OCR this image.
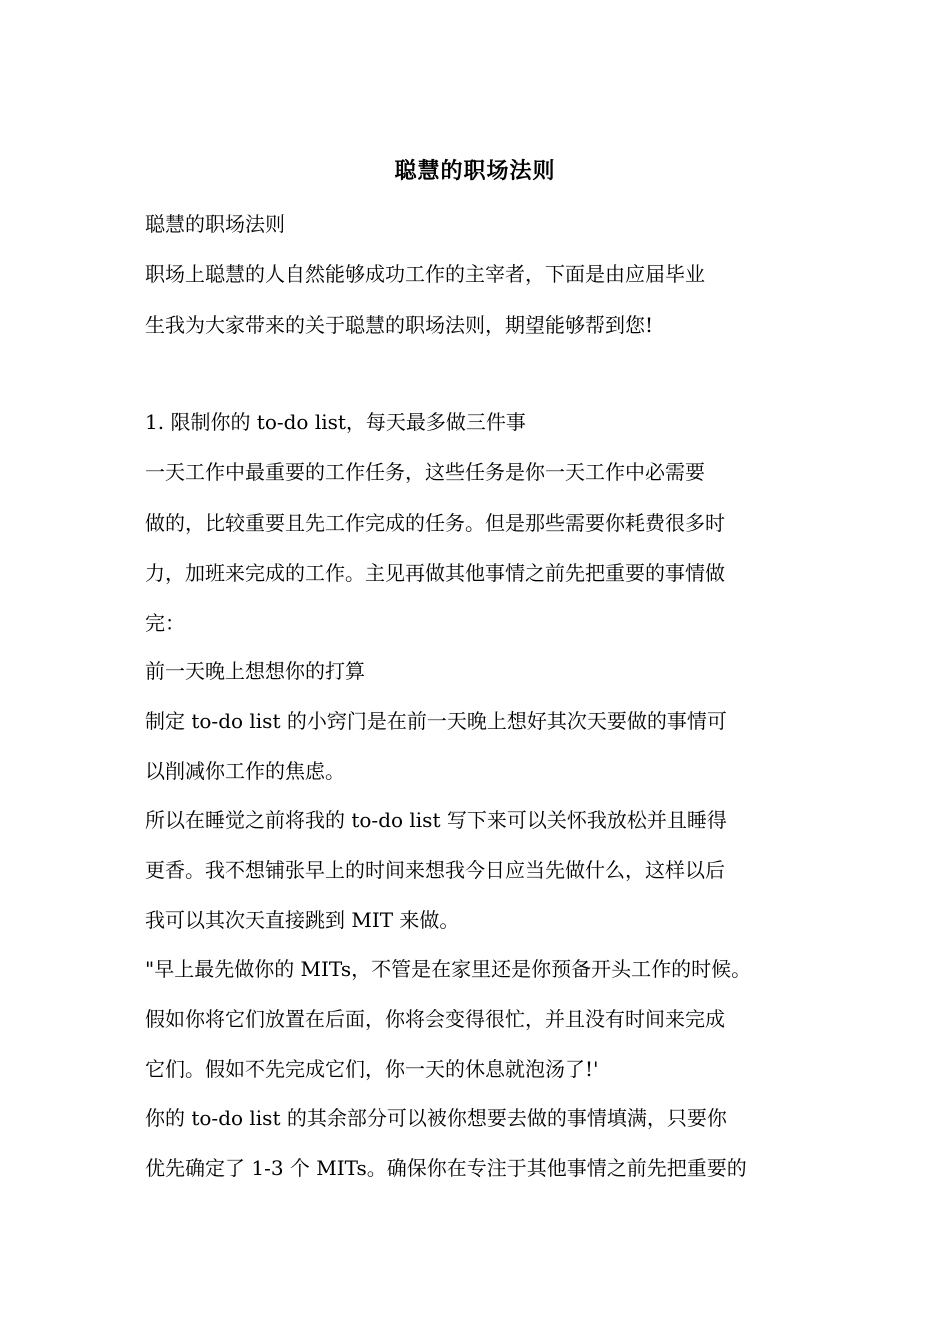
聪慧的职场法则
聪慧的职场法则
职场上聪慧的人自然能够成功工作的主宰者，下面是由应届毕业
生我为大家带来的关于聪慧的职场法则，期望能够帮到您!
1. 限制你的 to-do list，每天最多做三件事
一天工作中最重要的工作任务，这些任务是你一天工作中必需要
做的，比较重要且先工作完成的任务。但是那些需要你耗费很多时
力，加班来完成的工作。主见再做其他事情之前先把重要的事情做
完：
前一天晚上想想你的打算
制定 to-do list 的小窍门是在前一天晚上想好其次天要做的事情可
以削减你工作的焦虑。
所以在睡觉之前将我的 to-do list 写下来可以关怀我放松并且睡得
更香。我不想铺张早上的时间来想我今日应当先做什么，这样以后
我可以其次天直接跳到 MIT 来做。
"早上最先做你的 MITs，不管是在家里还是你预备开头工作的时候。
假如你将它们放置在后面，你将会变得很忙，并且没有时间来完成
它们。假如不先完成它们，你一天的休息就泡汤了!'
你的 to-do list 的其余部分可以被你想要去做的事情填满，只要你
优先确定了 1-3 个 MITs。确保你在专注于其他事情之前先把重要的
